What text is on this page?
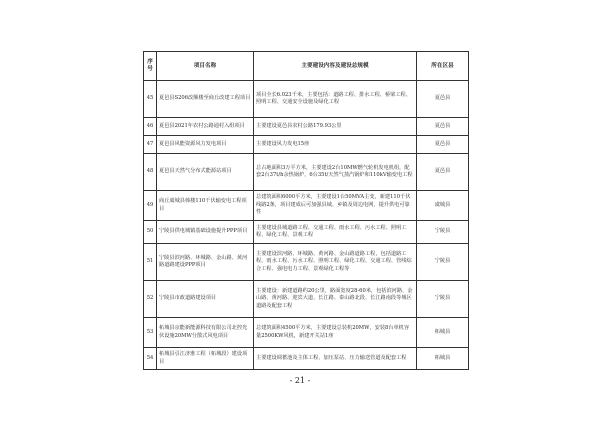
序号	项目名称	主要建设内容及建设总规模	所在区县
45	夏邑县S206改顺楼至商丘改建工程项目	项目全长6.023千米，主要包括：道路工程、排水工程、桥梁工程、照明工程、交通安全设施及绿化工程	夏邑县
46	夏邑县2021年农村公路通村入组项目	主要建设夏邑县农村公路179.93公里	夏邑县
47	夏邑县风能资源风力发电项目	主要建设风力发电15座	夏邑县
48	夏邑县天然气分布式能源站项目	总占地面积3万平方米，主要建设2台10MW燃气轮机发电机组，配套2台37t/h余热锅炉，6台35t/天然气蒸汽锅炉和110kV输变电工程	夏邑县
49	商丘虞城县韩楼110千伏输变电工程项目	总建筑面积6000平方米，主要建设1台50MVA主变，新建110千伏线路2条，项目建成后可加强县域、乡镇及周边电网，提升供电可靠性	虞城县
50	宁陵县供电城镇基础设施提升PPP项目	主要建设县城道路工程、交通工程、雨水工程、污水工程、照明工程、绿化工程、景观工程	宁陵县
51	宁陵县滨河路、环城路、金山路、黄河路道路建设PPP项目	主要建设滨河路、环城路、黄河路、金山路道路工程，包括道路工程、雨水工程、污水工程、照明工程、绿化工程、交通工程、管线综合工程、强电电力工程、景观绿化工程等	宁陵县
52	宁陵县市政道路建设项目	主要建设：新建道路约20公里，路面宽度28-60米，包括滨河路、金山路、黄河路、迎宾大道、长江路、泰山路北段、长江路南段等城区道路及配套工程	宁陵县
53	柘城县京能新能源科技有限公司北控光伏设施20MW分散式风电项目	总建筑面积4500平方米，主要建设总装机20MW，安装8台单机容量2500KW风机，新建开关站1座	柘城县
54	柘城县引江济淮工程（柘城段）建设项目	主要建设调蓄池及主体工程、加压泵站、压力输送管道及配套工程	柘城县
- 21 -
